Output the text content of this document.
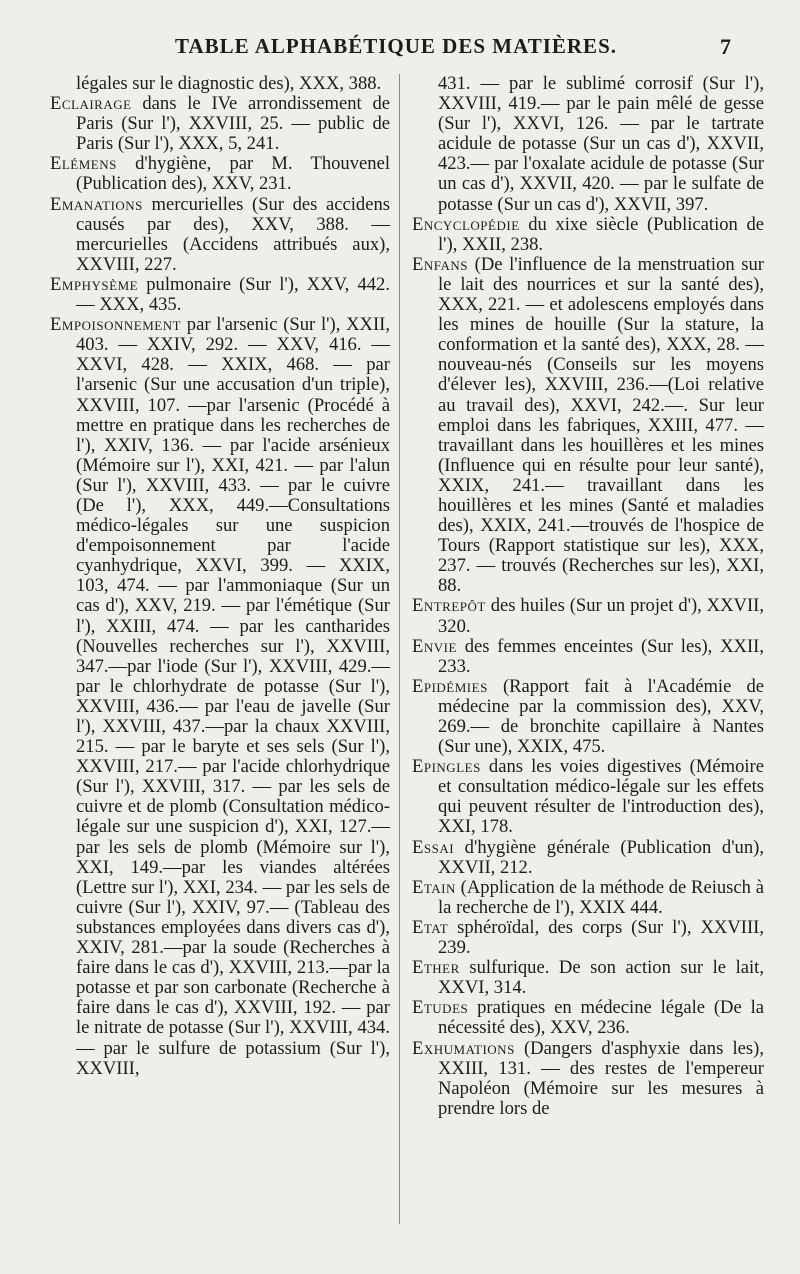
TABLE ALPHABÉTIQUE DES MATIÈRES.	7

légales sur le diagnostic des), XXX, 388.

Eclairage dans le IVe arrondissement de Paris (Sur l'), XXVIII, 25. — public de Paris (Sur l'), XXX, 5, 241.

Elémens d'hygiène, par M. Thouvenel (Publication des), XXV, 231.

Emanations mercurielles (Sur des accidens causés par des), XXV, 388. — mercurielles (Accidens attribués aux), XXVIII, 227.

Emphysème pulmonaire (Sur l'), XXV, 442. — XXX, 435.

Empoisonnement par l'arsenic (Sur l'), XXII, 403. — XXIV, 292. — XXV, 416. — XXVI, 428. — XXIX, 468. — par l'arsenic (Sur une accusation d'un triple), XXVIII, 107. —par l'arsenic (Procédé à mettre en pratique dans les recherches de l'), XXIV, 136. — par l'acide arsénieux (Mémoire sur l'), XXI, 421. — par l'alun (Sur l'), XXVIII, 433. — par le cuivre (De l'), XXX, 449.—Consultations médico-légales sur une suspicion d'empoisonnement par l'acide cyanhydrique, XXVI, 399. — XXIX, 103, 474. — par l'ammoniaque (Sur un cas d'), XXV, 219. — par l'émétique (Sur l'), XXIII, 474. — par les cantharides (Nouvelles recherches sur l'), XXVIII, 347.—par l'iode (Sur l'), XXVIII, 429.—par le chlorhydrate de potasse (Sur l'), XXVIII, 436.— par l'eau de javelle (Sur l'), XXVIII, 437.—par la chaux XXVIII, 215. — par le baryte et ses sels (Sur l'), XXVIII, 217.— par l'acide chlorhydrique (Sur l'), XXVIII, 317. — par les sels de cuivre et de plomb (Consultation médico-légale sur une suspicion d'), XXI, 127.— par les sels de plomb (Mémoire sur l'), XXI, 149.—par les viandes altérées (Lettre sur l'), XXI, 234. — par les sels de cuivre (Sur l'), XXIV, 97.— (Tableau des substances employées dans divers cas d'), XXIV, 281.—par la soude (Recherches à faire dans le cas d'), XXVIII, 213.—par la potasse et par son carbonate (Recherche à faire dans le cas d'), XXVIII, 192. — par le nitrate de potasse (Sur l'), XXVIII, 434.— par le sulfure de potassium (Sur l'), XXVIII,

431. — par le sublimé corrosif (Sur l'), XXVIII, 419.— par le pain mêlé de gesse (Sur l'), XXVI, 126. — par le tartrate acidule de potasse (Sur un cas d'), XXVII, 423.— par l'oxalate acidule de potasse (Sur un cas d'), XXVII, 420. — par le sulfate de potasse (Sur un cas d'), XXVII, 397.

Encyclopédie du xixe siècle (Publication de l'), XXII, 238.

Enfans (De l'influence de la menstruation sur le lait des nourrices et sur la santé des), XXX, 221. — et adolescens employés dans les mines de houille (Sur la stature, la conformation et la santé des), XXX, 28. — nouveau-nés (Conseils sur les moyens d'élever les), XXVIII, 236.—(Loi relative au travail des), XXVI, 242.—. Sur leur emploi dans les fabriques, XXIII, 477. — travaillant dans les houillères et les mines (Influence qui en résulte pour leur santé), XXIX, 241.— travaillant dans les houillères et les mines (Santé et maladies des), XXIX, 241.—trouvés de l'hospice de Tours (Rapport statistique sur les), XXX, 237. — trouvés (Recherches sur les), XXI, 88.

Entrepôt des huiles (Sur un projet d'), XXVII, 320.

Envie des femmes enceintes (Sur les), XXII, 233.

Epidémies (Rapport fait à l'Académie de médecine par la commission des), XXV, 269.— de bronchite capillaire à Nantes (Sur une), XXIX, 475.

Epingles dans les voies digestives (Mémoire et consultation médico-légale sur les effets qui peuvent résulter de l'introduction des), XXI, 178.

Essai d'hygiène générale (Publication d'un), XXVII, 212.

Etain (Application de la méthode de Reiusch à la recherche de l'), XXIX 444.

Etat sphéroïdal, des corps (Sur l'), XXVIII, 239.

Ether sulfurique. De son action sur le lait, XXVI, 314.

Etudes pratiques en médecine légale (De la nécessité des), XXV, 236.

Exhumations (Dangers d'asphyxie dans les), XXIII, 131. — des restes de l'empereur Napoléon (Mémoire sur les mesures à prendre lors de
